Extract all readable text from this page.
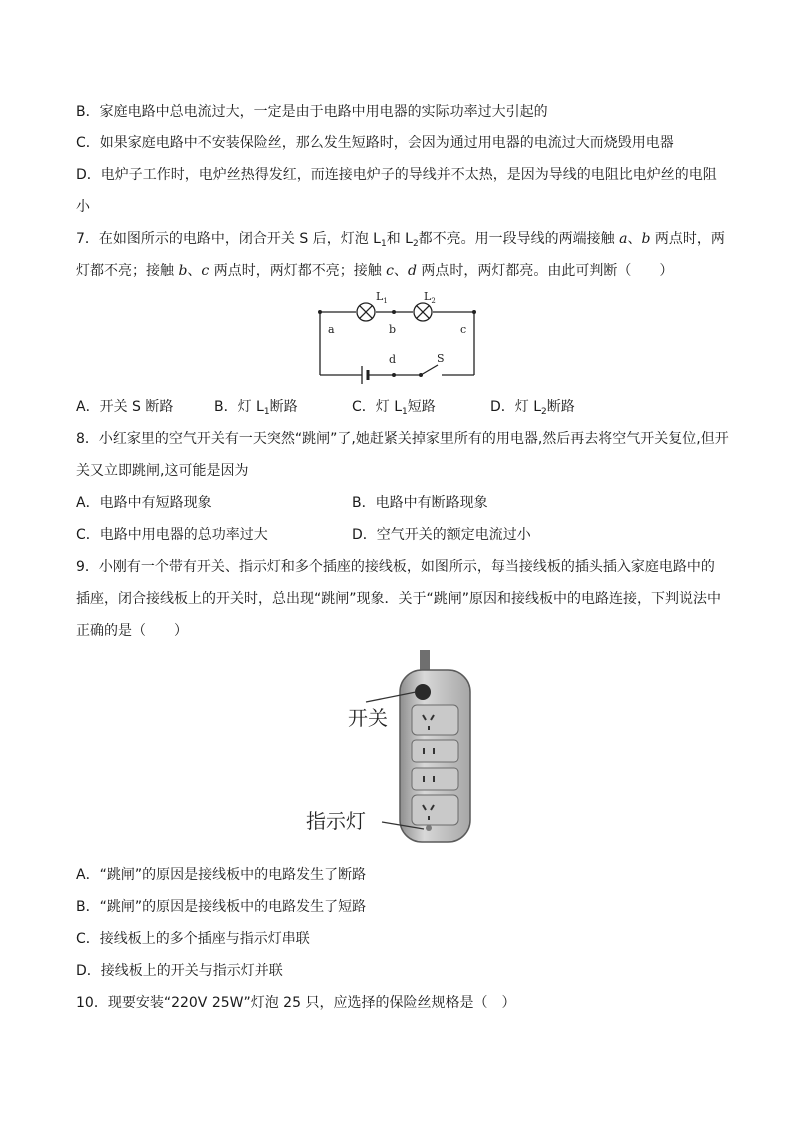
B．家庭电路中总电流过大，一定是由于电路中用电器的实际功率过大引起的
C．如果家庭电路中不安装保险丝，那么发生短路时，会因为通过用电器的电流过大而烧毁用电器
D．电炉子工作时，电炉丝热得发红，而连接电炉子的导线并不太热，是因为导线的电阻比电炉丝的电阻
小
7．在如图所示的电路中，闭合开关 S 后，灯泡 $L_1$和 $L_2$都不亮。用一段导线的两端接触 a、b 两点时，两
灯都不亮；接触 b、c 两点时，两灯都不亮；接触 c、d 两点时，两灯都亮。由此可判断（　　）
$L_1$	$L_2$
a	b	c
d	S
A．开关 S 断路	B．灯 $L_1$断路	C．灯 $L_1$短路	D．灯 $L_2$断路
8．小红家里的空气开关有一天突然“跳闸”了,她赶紧关掉家里所有的用电器,然后再去将空气开关复位,但开
关又立即跳闸,这可能是因为
A．电路中有短路现象	B．电路中有断路现象
C．电路中用电器的总功率过大	D．空气开关的额定电流过小
9．小刚有一个带有开关、指示灯和多个插座的接线板，如图所示，每当接线板的插头插入家庭电路中的
插座，闭合接线板上的开关时，总出现“跳闸”现象．关于“跳闸”原因和接线板中的电路连接，下判说法中
正确的是（　　）
开关
指示灯
A．“跳闸”的原因是接线板中的电路发生了断路
B．“跳闸”的原因是接线板中的电路发生了短路
C．接线板上的多个插座与指示灯串联
D．接线板上的开关与指示灯并联
10．现要安装“220V 25W”灯泡 25 只，应选择的保险丝规格是（　）
